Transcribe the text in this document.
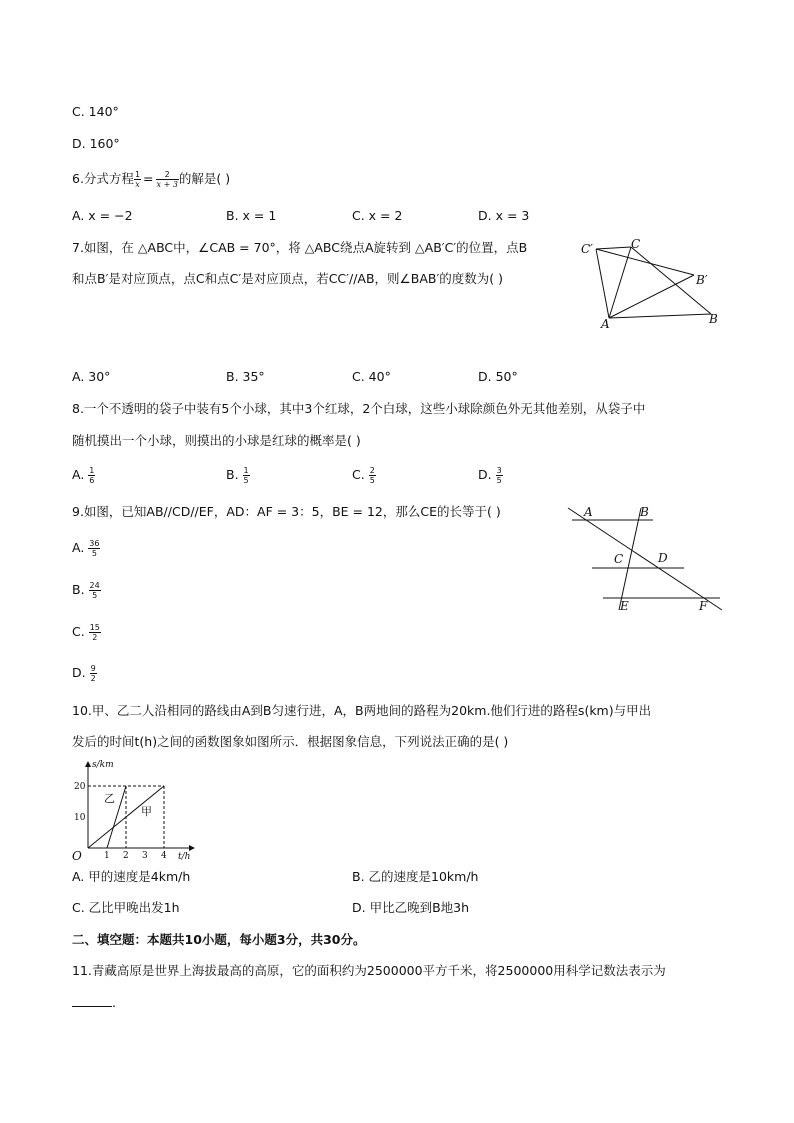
C. 140°
D. 160°
6.分式方程 $\frac{1}{x} = \frac{2}{x + 3}$ 的解是( )
A. x = −2	B. x = 1	C. x = 2	D. x = 3
7.如图，在 △ABC中，∠CAB = 70°，将 △ABC绕点A旋转到 △AB′C′的位置，点B
和点B′是对应顶点，点C和点C′是对应顶点，若CC′//AB，则∠BAB′的度数为( )
C′	C
B′
A	B
A. 30°	B. 35°	C. 40°	D. 50°
8.一个不透明的袋子中装有5个小球，其中3个红球，2个白球，这些小球除颜色外无其他差别，从袋子中
随机摸出一个小球，则摸出的小球是红球的概率是( )
A. $\frac{1}{6}$	B. $\frac{1}{5}$	C. $\frac{2}{5}$	D. $\frac{3}{5}$
9.如图，已知AB//CD//EF，AD：AF = 3：5，BE = 12，那么CE的长等于( )
A. $\frac{36}{5}$
B. $\frac{24}{5}$
C. $\frac{15}{2}$
D. $\frac{9}{2}$
A	B
C	D
E	F
10.甲、乙二人沿相同的路线由A到B匀速行进，A，B两地间的路程为20km.他们行进的路程s(km)与甲出
发后的时间t(h)之间的函数图象如图所示．根据图象信息，下列说法正确的是( )
s/km
t/h
O
20
10
1 2 3 4
乙
甲
A. 甲的速度是4km/h	B. 乙的速度是10km/h
C. 乙比甲晚出发1h	D. 甲比乙晚到B地3h
二、填空题：本题共10小题，每小题3分，共30分。
11.青藏高原是世界上海拔最高的高原，它的面积约为2500000平方千米，将2500000用科学记数法表示为
.
